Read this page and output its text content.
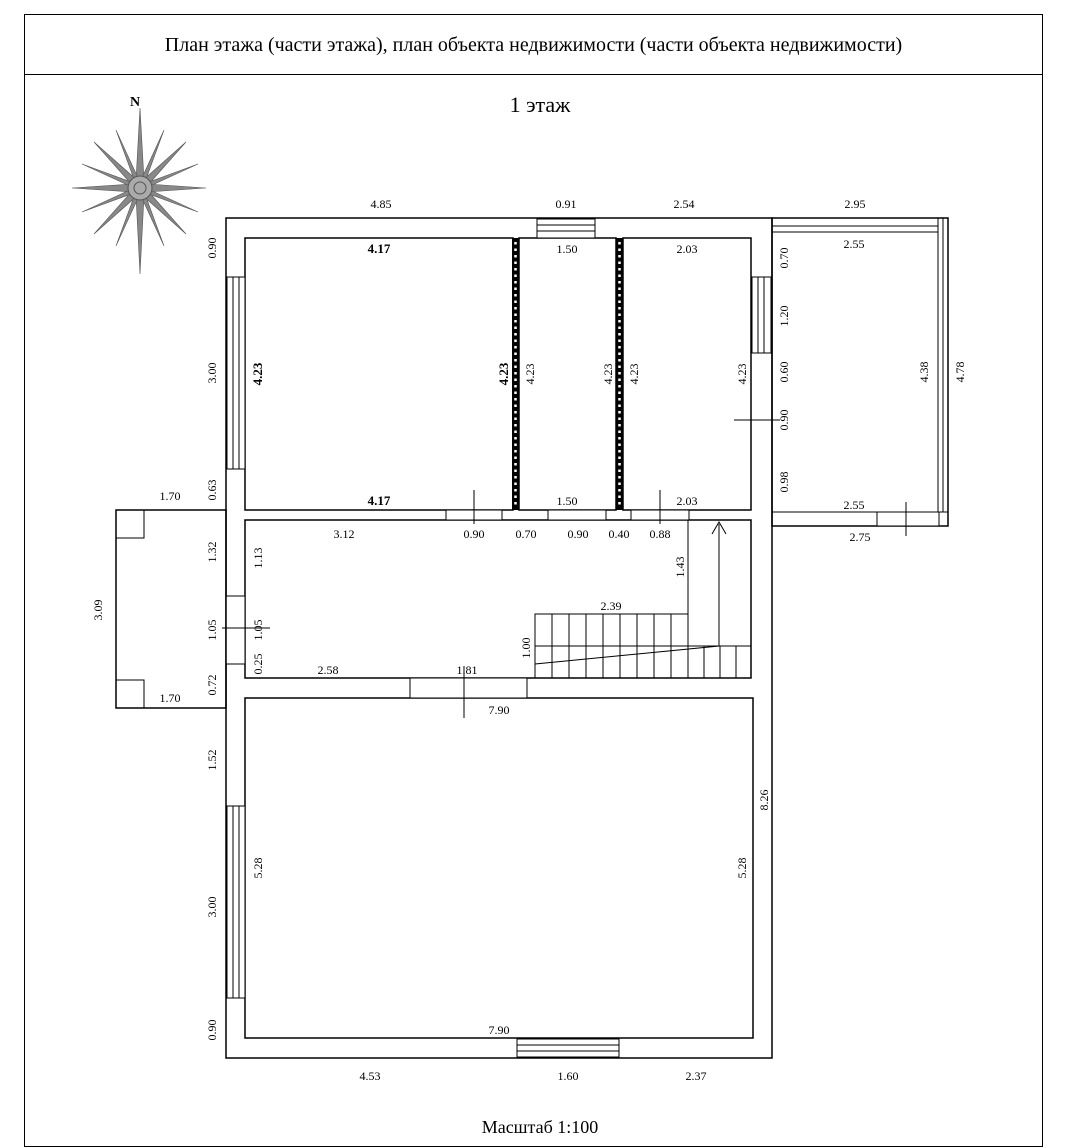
План этажа (части этажа), план объекта недвижимости (части объекта недвижимости)
1 этаж
N
4.85	0.91	2.54	2.95
0.90
3.00
0.63
1.32
1.05
0.72
1.52
3.00
0.90
4.17
4.23	4.23
4.17
1.50
4.23	4.23
1.50
2.03
4.23	4.23
2.03
0.70
1.20
0.60
0.90
0.98
2.55
4.38 4.78
2.55
2.75
1.70
3.09
1.70
3.12	0.90	0.70	0.90 0.40 0.88
1.43
1.13
1.05
0.25	2.58	1.81
2.39
1.00
7.90
5.28	5.28
8.26
7.90
4.53	1.60	2.37
Масштаб 1:100
